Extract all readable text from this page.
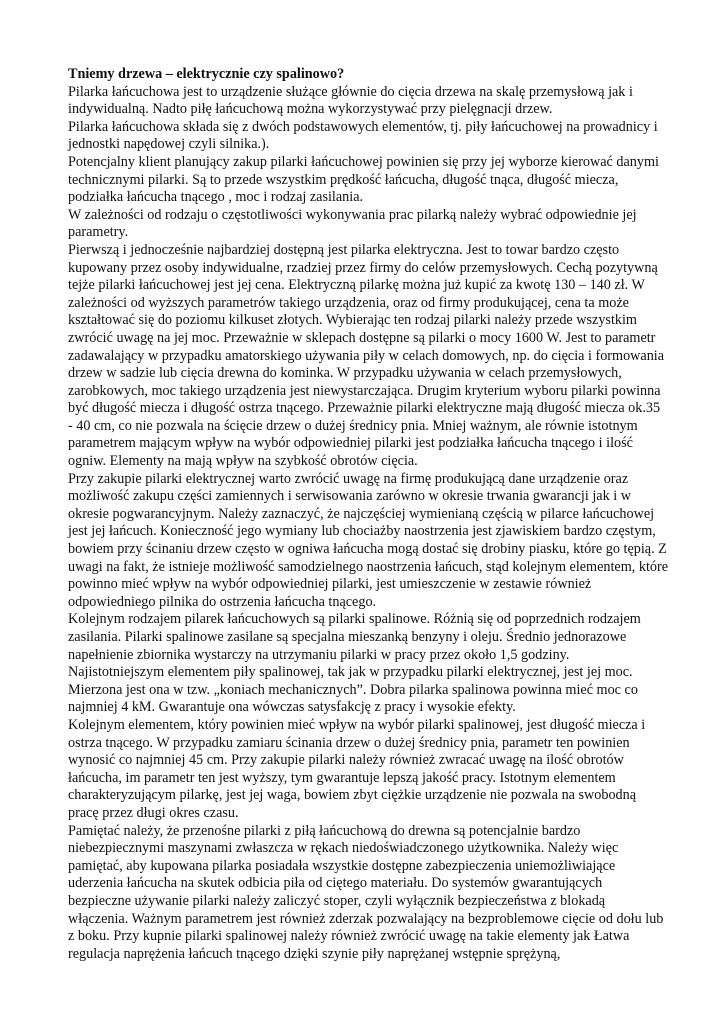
Tniemy drzewa – elektrycznie czy spalinowo?

Pilarka łańcuchowa jest to urządzenie służące głównie do cięcia drzewa na skalę przemysłową jak i indywidualną. Nadto piłę łańcuchową można wykorzystywać przy pielęgnacji drzew.

Pilarka łańcuchowa składa się z dwóch podstawowych elementów, tj. piły łańcuchowej na prowadnicy i jednostki napędowej czyli silnika.).

Potencjalny klient planujący zakup pilarki łańcuchowej powinien się przy jej wyborze kierować danymi technicznymi pilarki. Są to przede wszystkim prędkość łańcucha, długość tnąca, długość miecza, podziałka łańcucha tnącego , moc i rodzaj zasilania.

W zależności od rodzaju o częstotliwości wykonywania prac pilarką należy wybrać odpowiednie jej parametry.

Pierwszą i jednocześnie najbardziej dostępną jest pilarka elektryczna. Jest to towar bardzo często kupowany przez osoby indywidualne, rzadziej przez firmy do celów przemysłowych. Cechą pozytywną tejże pilarki łańcuchowej jest jej cena. Elektryczną pilarkę można już kupić za kwotę 130 – 140 zł. W zależności od wyższych parametrów takiego urządzenia, oraz od firmy produkującej, cena ta może kształtować się do poziomu kilkuset złotych. Wybierając ten rodzaj pilarki należy przede wszystkim zwrócić uwagę na jej moc. Przeważnie w sklepach dostępne są pilarki o mocy 1600 W. Jest to parametr zadawalający w przypadku amatorskiego używania piły w celach domowych, np. do cięcia i formowania drzew w sadzie lub cięcia drewna do kominka. W przypadku używania w celach przemysłowych, zarobkowych, moc takiego urządzenia jest niewystarczająca. Drugim kryterium wyboru pilarki powinna być długość miecza i długość ostrza tnącego. Przeważnie pilarki elektryczne mają długość miecza ok.35 - 40 cm, co nie pozwala na ścięcie drzew o dużej średnicy pnia. Mniej ważnym, ale równie istotnym parametrem mającym wpływ na wybór odpowiedniej pilarki jest podziałka łańcucha tnącego i ilość ogniw. Elementy na mają wpływ na szybkość obrotów cięcia.

Przy zakupie pilarki elektrycznej warto zwrócić uwagę na firmę produkującą dane urządzenie oraz możliwość zakupu części zamiennych i serwisowania zarówno w okresie trwania gwarancji jak i w okresie pogwarancyjnym. Należy zaznaczyć, że najczęściej wymienianą częścią w pilarce łańcuchowej jest jej łańcuch. Konieczność jego wymiany lub chociażby naostrzenia jest zjawiskiem bardzo częstym, bowiem przy ścinaniu drzew często w ogniwa łańcucha mogą dostać się drobiny piasku, które go tępią. Z uwagi na fakt, że istnieje możliwość samodzielnego naostrzenia łańcuch, stąd kolejnym elementem, które powinno mieć wpływ na wybór odpowiedniej pilarki, jest umieszczenie w zestawie również odpowiedniego pilnika do ostrzenia łańcucha tnącego.

Kolejnym rodzajem pilarek łańcuchowych są pilarki spalinowe. Różnią się od poprzednich rodzajem zasilania. Pilarki spalinowe zasilane są specjalna mieszanką benzyny i oleju. Średnio jednorazowe napełnienie zbiornika wystarczy na utrzymaniu pilarki w pracy przez około 1,5 godziny. Najistotniejszym elementem piły spalinowej, tak jak w przypadku pilarki elektrycznej, jest jej moc. Mierzona jest ona w tzw. „koniach mechanicznych”. Dobra pilarka spalinowa powinna mieć moc co najmniej 4 kM. Gwarantuje ona wówczas satysfakcję z pracy i wysokie efekty.

Kolejnym elementem, który powinien mieć wpływ na wybór pilarki spalinowej, jest długość miecza i ostrza tnącego. W przypadku zamiaru ścinania drzew o dużej średnicy pnia, parametr ten powinien wynosić co najmniej 45 cm. Przy zakupie pilarki należy również zwracać uwagę na ilość obrotów łańcucha, im parametr ten jest wyższy, tym gwarantuje lepszą jakość pracy. Istotnym elementem charakteryzującym pilarkę, jest jej waga, bowiem zbyt ciężkie urządzenie nie pozwala na swobodną pracę przez długi okres czasu.

Pamiętać należy, że przenośne pilarki z piłą łańcuchową do drewna są potencjalnie bardzo niebezpiecznymi maszynami zwłaszcza w rękach niedoświadczonego użytkownika. Należy więc pamiętać, aby kupowana pilarka posiadała wszystkie dostępne zabezpieczenia uniemożliwiające uderzenia łańcucha na skutek odbicia piła od ciętego materiału. Do systemów gwarantujących bezpieczne używanie pilarki należy zaliczyć stoper, czyli wyłącznik bezpieczeństwa z blokadą włączenia. Ważnym parametrem jest również zderzak pozwalający na bezproblemowe cięcie od dołu lub z boku. Przy kupnie pilarki spalinowej należy również zwrócić uwagę na takie elementy jak Łatwa regulacja naprężenia łańcuch tnącego dzięki szynie piły naprężanej wstępnie sprężyną,
